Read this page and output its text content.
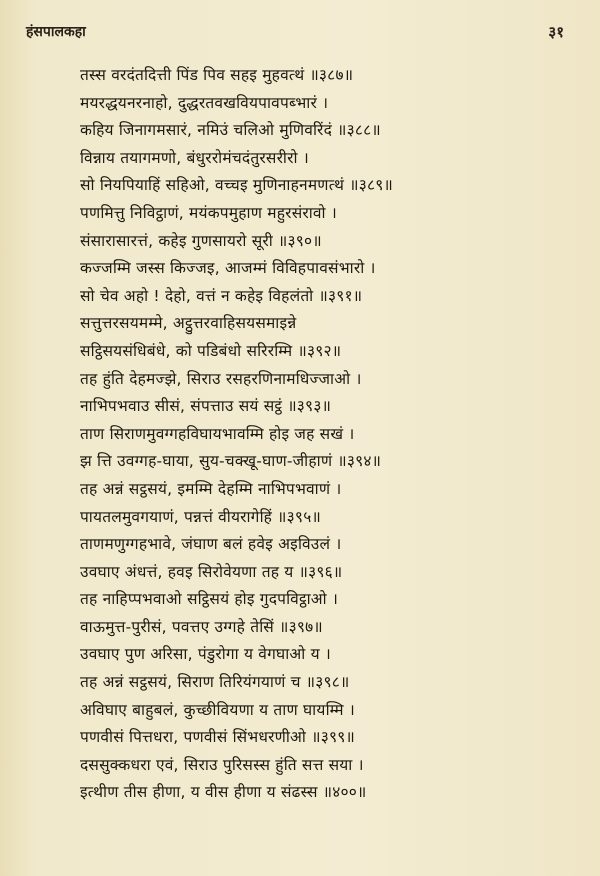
हंसपालकहा	३१
तस्स वरदंतदित्ती पिंड पिव सहइ मुहवत्थं ॥३८७॥
मयरद्धयनरनाहो, दुद्धरतवखवियपावपब्भारं ।
कहिय जिनागमसारं, नमिउं चलिओ मुणिवरिंदं ॥३८८॥
विन्नाय तयागमणो, बंधुररोमंचदंतुरसरीरो ।
सो नियपियाहिं सहिओ, वच्चइ मुणिनाहनमणत्थं ॥३८९॥
पणमित्तु निविट्ठाणं, मयंकपमुहाण महुरसंरावो ।
संसारासारत्तं, कहेइ गुणसायरो सूरी ॥३९०॥
कज्जम्मि जस्स किज्जइ, आजम्मं विविहपावसंभारो ।
सो चेव अहो ! देहो, वत्तं न कहेइ विहलंतो ॥३९१॥
सत्तुत्तरसयमम्मे, अट्ठुत्तरवाहिसयसमाइन्ने
सट्ठिसयसंधिबंधे, को पडिबंधो सरिरम्मि ॥३९२॥
तह हुंति देहमज्झे, सिराउ रसहरणिनामधिज्जाओ ।
नाभिपभवाउ सीसं, संपत्ताउ सयं सट्ठं ॥३९३॥
ताण सिराणमुवग्गहविघायभावम्मि होइ जह सखं ।
झ त्ति उवग्गह-घाया, सुय-चक्खू-घाण-जीहाणं ॥३९४॥
तह अन्नं सट्ठसयं, इमम्मि देहम्मि नाभिपभवाणं ।
पायतलमुवगयाणं, पन्नत्तं वीयरागेहिं ॥३९५॥
ताणमणुग्गहभावे, जंघाण बलं हवेइ अइविउलं ।
उवघाए अंधत्तं, हवइ सिरोवेयणा तह य ॥३९६॥
तह नाहिप्पभवाओ सट्ठिसयं होइ गुदपविट्ठाओ ।
वाऊमुत्त-पुरीसं, पवत्तए उग्गहे तेसिं ॥३९७॥
उवघाए पुण अरिसा, पंडुरोगा य वेगघाओ य ।
तह अन्नं सट्ठसयं, सिराण तिरियंगयाणं च ॥३९८॥
अविघाए बाहुबलं, कुच्छीवियणा य ताण घायम्मि ।
पणवीसं पित्तधरा, पणवीसं सिंभधरणीओ ॥३९९॥
दससुक्कधरा एवं, सिराउ पुरिसस्स हुंति सत्त सया ।
इत्थीण तीस हीणा, य वीस हीणा य संढस्स ॥४००॥
